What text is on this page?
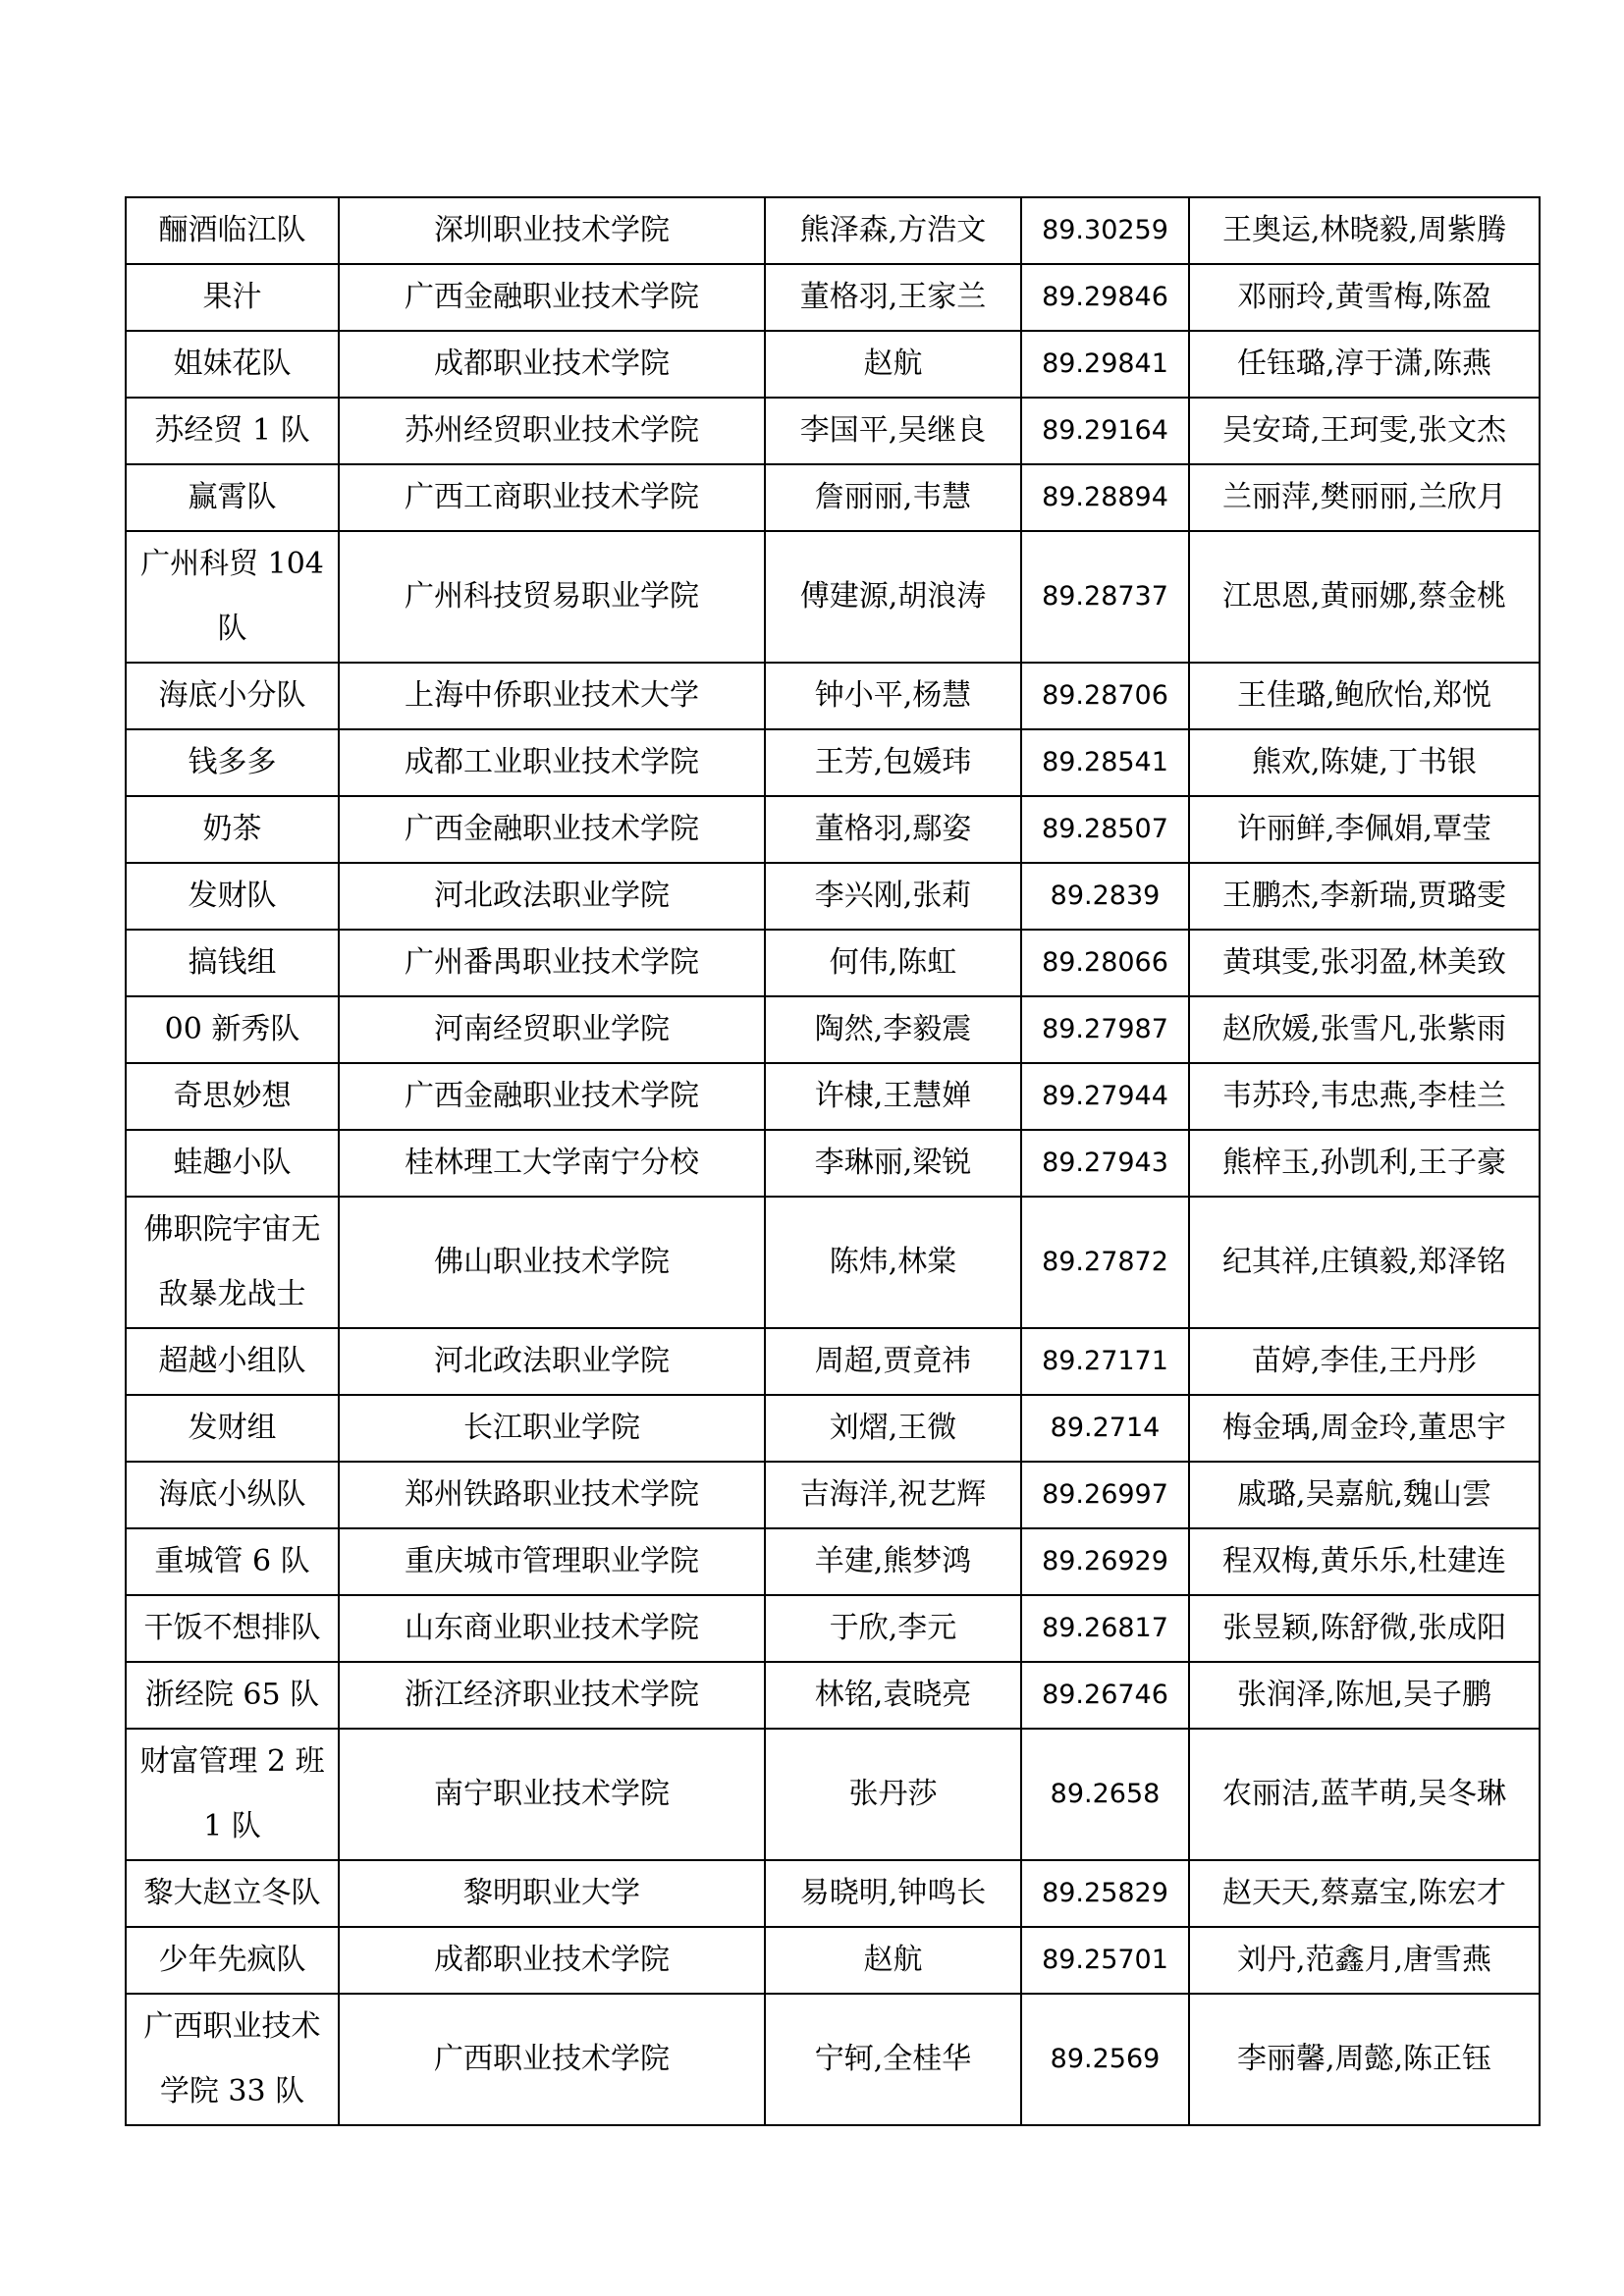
酾酒临江队	深圳职业技术学院	熊泽森,方浩文	89.30259	王奥运,林晓毅,周紫腾
果汁	广西金融职业技术学院	董格羽,王家兰	89.29846	邓丽玲,黄雪梅,陈盈
姐妹花队	成都职业技术学院	赵航	89.29841	任钰璐,淳于潇,陈燕
苏经贸 1 队	苏州经贸职业技术学院	李国平,吴继良	89.29164	吴安琦,王珂雯,张文杰
赢霄队	广西工商职业技术学院	詹丽丽,韦慧	89.28894	兰丽萍,樊丽丽,兰欣月
广州科贸 104 队	广州科技贸易职业学院	傅建源,胡浪涛	89.28737	江思恩,黄丽娜,蔡金桃
海底小分队	上海中侨职业技术大学	钟小平,杨慧	89.28706	王佳璐,鲍欣怡,郑悦
钱多多	成都工业职业技术学院	王芳,包媛玮	89.28541	熊欢,陈婕,丁书银
奶茶	广西金融职业技术学院	董格羽,鄢姿	89.28507	许丽鲜,李佩娟,覃莹
发财队	河北政法职业学院	李兴刚,张莉	89.2839	王鹏杰,李新瑞,贾璐雯
搞钱组	广州番禺职业技术学院	何伟,陈虹	89.28066	黄琪雯,张羽盈,林美致
00 新秀队	河南经贸职业学院	陶然,李毅震	89.27987	赵欣媛,张雪凡,张紫雨
奇思妙想	广西金融职业技术学院	许棣,王慧婵	89.27944	韦苏玲,韦忠燕,李桂兰
蛙趣小队	桂林理工大学南宁分校	李琳丽,梁锐	89.27943	熊梓玉,孙凯利,王子豪
佛职院宇宙无敌暴龙战士	佛山职业技术学院	陈炜,林棠	89.27872	纪其祥,庄镇毅,郑泽铭
超越小组队	河北政法职业学院	周超,贾竟祎	89.27171	苗婷,李佳,王丹彤
发财组	长江职业学院	刘熠,王微	89.2714	梅金瑀,周金玲,董思宇
海底小纵队	郑州铁路职业技术学院	吉海洋,祝艺辉	89.26997	戚璐,吴嘉航,魏山雲
重城管 6 队	重庆城市管理职业学院	羊建,熊梦鸿	89.26929	程双梅,黄乐乐,杜建连
干饭不想排队	山东商业职业技术学院	于欣,李元	89.26817	张昱颖,陈舒微,张成阳
浙经院 65 队	浙江经济职业技术学院	林铭,袁晓亮	89.26746	张润泽,陈旭,吴子鹏
财富管理 2 班 1 队	南宁职业技术学院	张丹莎	89.2658	农丽洁,蓝芊萌,吴冬琳
黎大赵立冬队	黎明职业大学	易晓明,钟鸣长	89.25829	赵天天,蔡嘉宝,陈宏才
少年先疯队	成都职业技术学院	赵航	89.25701	刘丹,范鑫月,唐雪燕
广西职业技术学院 33 队	广西职业技术学院	宁轲,全桂华	89.2569	李丽馨,周懿,陈正钰
